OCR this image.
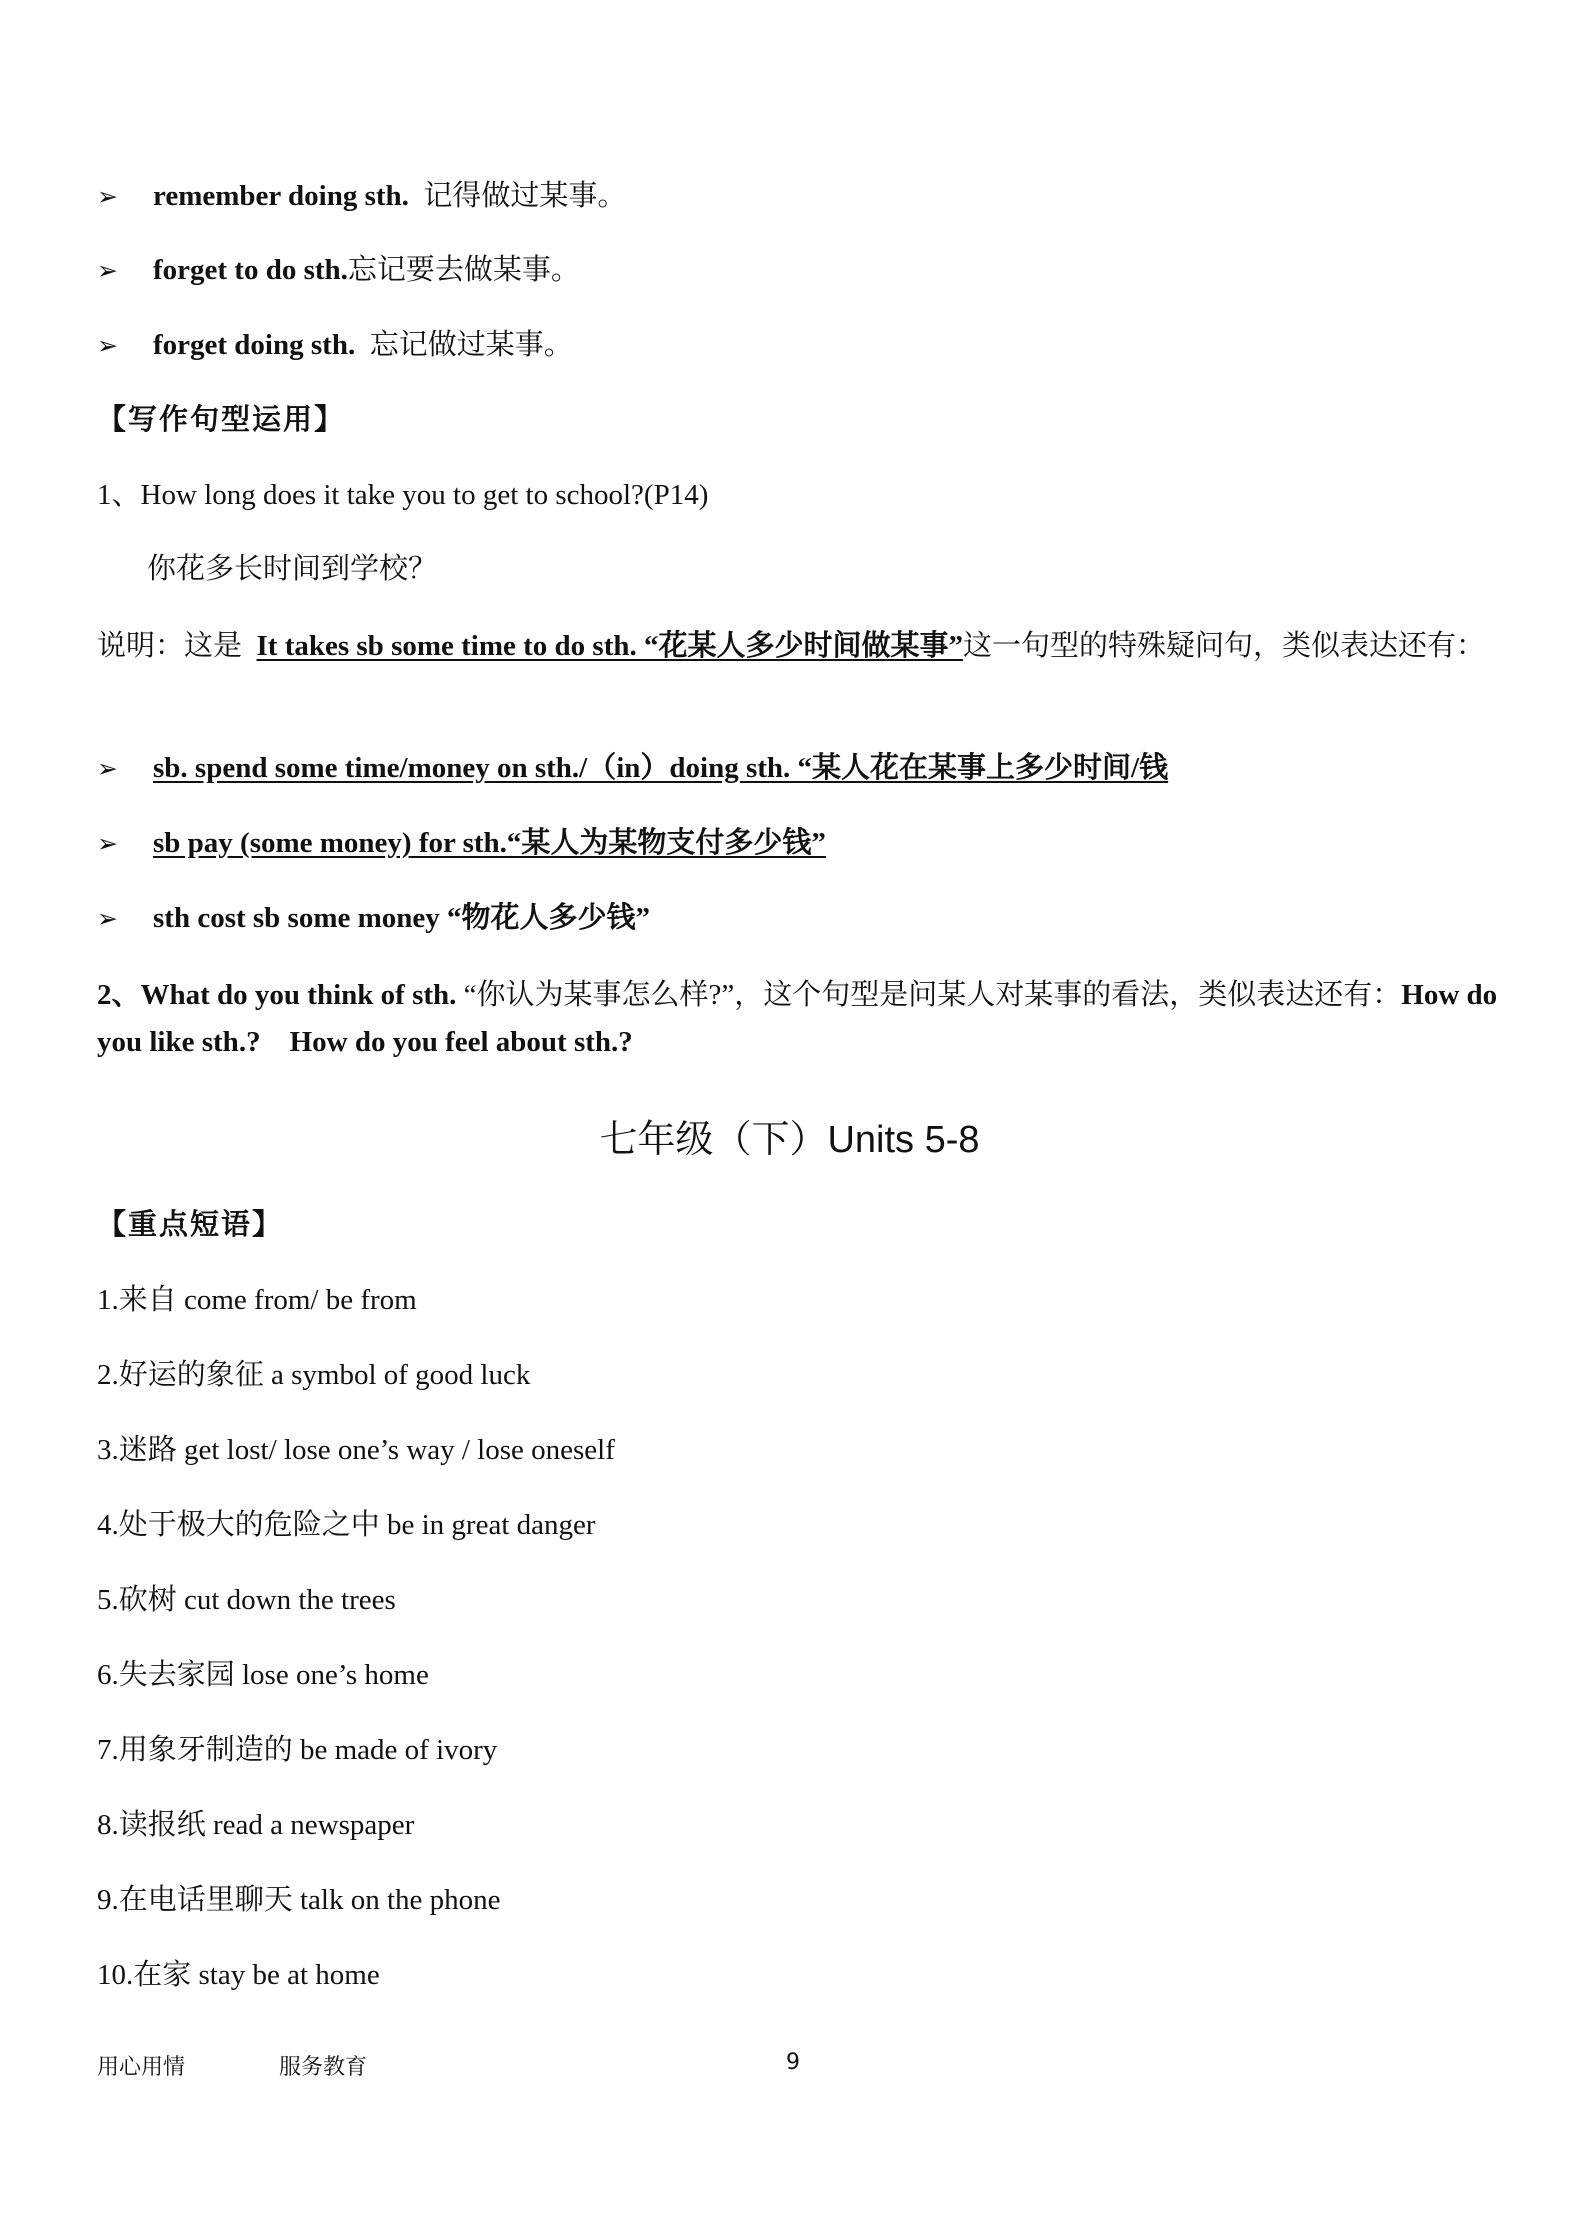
➢ remember doing sth. 记得做过某事。
➢ forget to do sth.忘记要去做某事。
➢ forget doing sth. 忘记做过某事。
【写作句型运用】
1、How long does it take you to get to school?(P14)
你花多长时间到学校？
说明：这是 It takes sb some time to do sth. “花某人多少时间做某事”这一句型的特殊疑问句，类似表达还有：
➢ sb. spend some time/money on sth./（in）doing sth. “某人花在某事上多少时间/钱
➢ sb pay (some money) for sth.“某人为某物支付多少钱”
➢ sth cost sb some money “物花人多少钱”
2、What do you think of sth. “你认为某事怎么样?”，这个句型是问某人对某事的看法，类似表达还有：How do you like sth.? How do you feel about sth.?
七年级（下）Units 5-8
【重点短语】
1.来自 come from/ be from
2.好运的象征 a symbol of good luck
3.迷路 get lost/ lose one’s way / lose oneself
4.处于极大的危险之中 be in great danger
5.砍树 cut down the trees
6.失去家园 lose one’s home
7.用象牙制造的 be made of ivory
8.读报纸 read a newspaper
9.在电话里聊天 talk on the phone
10.在家 stay be at home
用心用情	服务教育	9
